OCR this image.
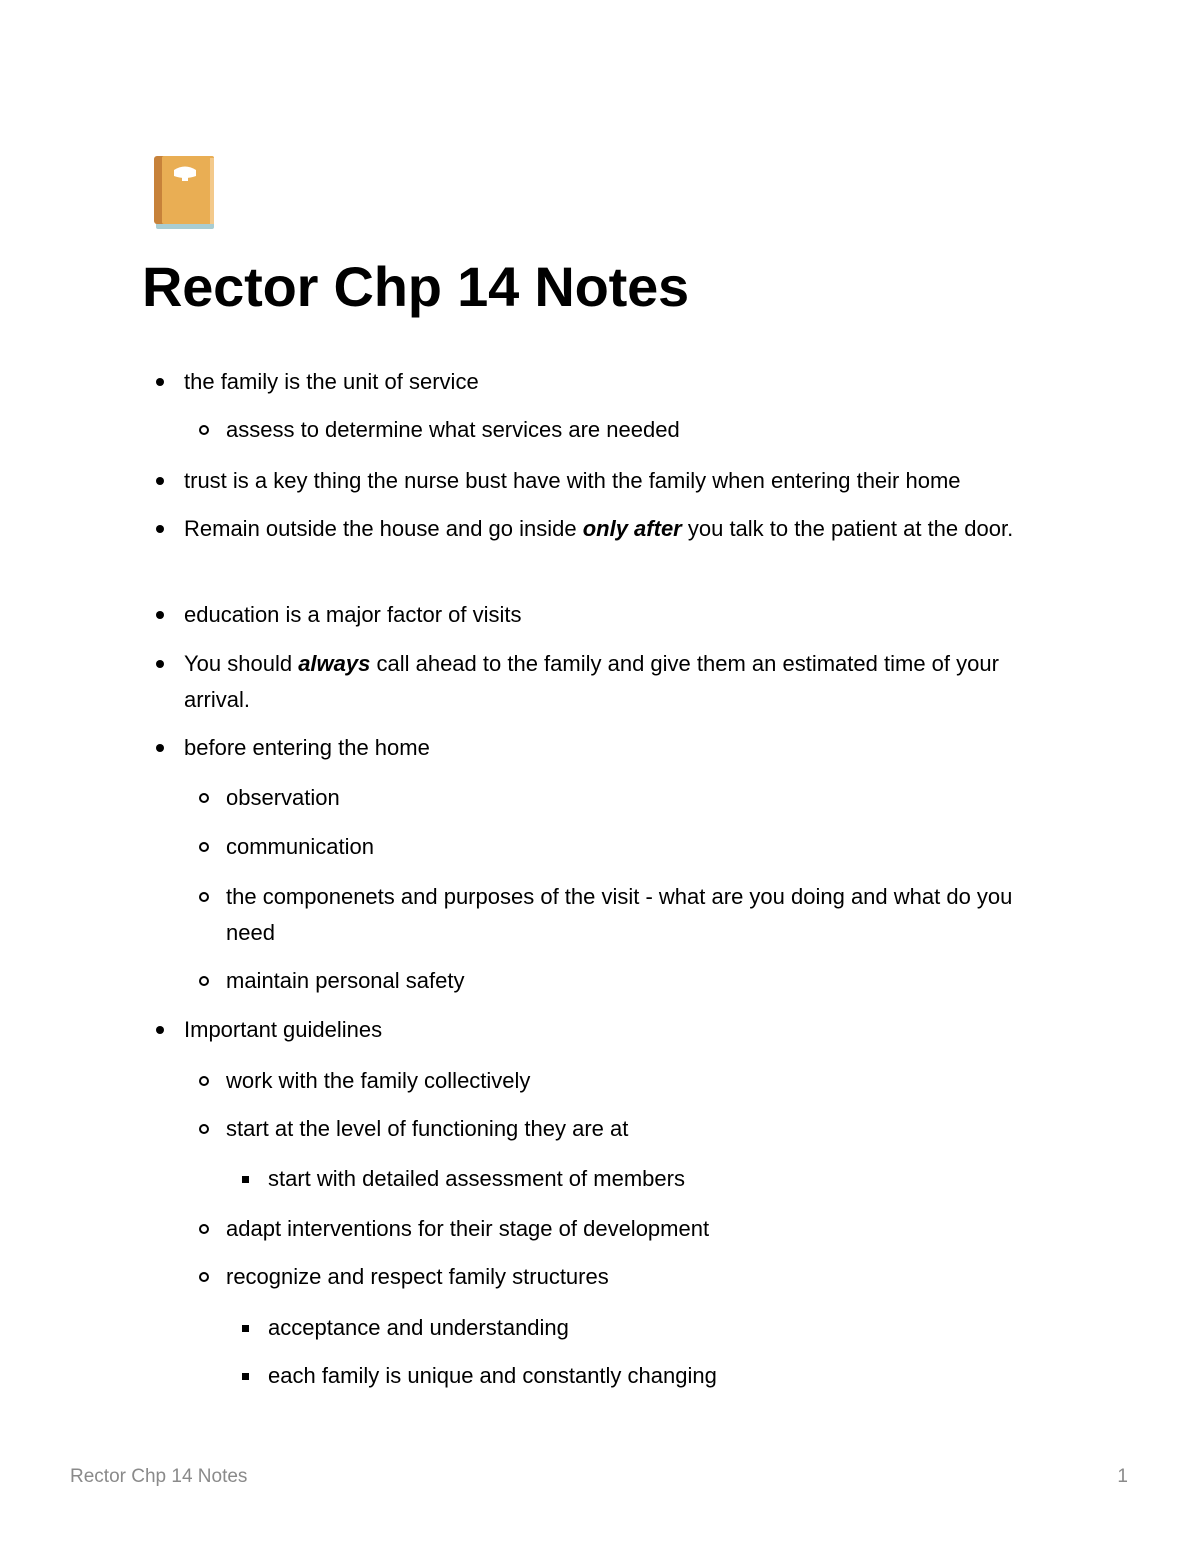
Rector Chp 14 Notes
the family is the unit of service
assess to determine what services are needed
trust is a key thing the nurse bust have with the family when entering their home
Remain outside the house and go inside only after you talk to the patient at the door.
education is a major factor of visits
You should always call ahead to the family and give them an estimated time of your arrival.
before entering the home
observation
communication
the componenets and purposes of the visit - what are you doing and what do you need
maintain personal safety
Important guidelines
work with the family collectively
start at the level of functioning they are at
start with detailed assessment of members
adapt interventions for their stage of development
recognize and respect family structures
acceptance and understanding
each family is unique and constantly changing
Rector Chp 14 Notes	1
